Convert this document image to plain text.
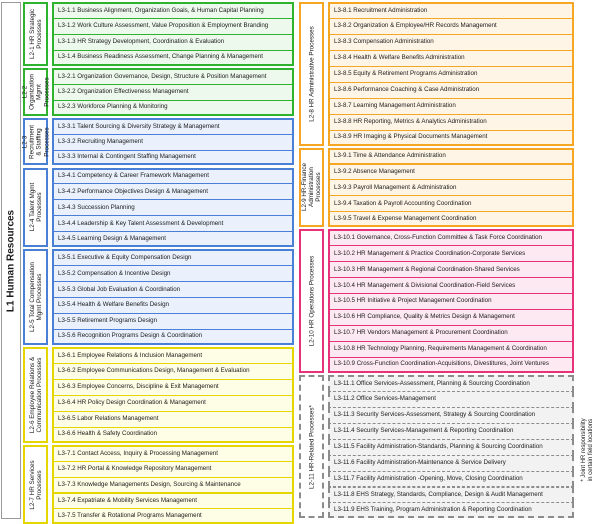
L1 Human Resources
* Joint HR responsibility
in certain field locations
L2-1 HR Strategic
Processes
L3-1.1 Business Alignment, Organization Goals, & Human Capital Planning
L3-1.2 Work Culture Assessment, Value Proposition & Employment Branding
L3-1.3 HR Strategy Development, Coordination & Evaluation
L3-1.4 Business Readiness Assessment, Change Planning & Management
L2-2
Organization
Mgmt
Processes
L3-2.1 Organization Governance, Design, Structure & Position Management
L3-2.2 Organization Effectiveness Management
L3-2.3 Workforce Planning & Monitoring
L2-3
Recruitment
& Staffing
Processes
L3-3.1 Talent Sourcing & Diversity Strategy & Management
L3-3.2 Recruiting Management
L3-3.3 Internal & Contingent Staffing Management
L2-4 Talent Mgmt
Processes
L3-4.1 Competency & Career Framework Management
L3-4.2 Performance Objectives Design & Management
L3-4.3 Succession Planning
L3-4.4 Leadership & Key Talent Assessment & Development
L3-4.5 Learning Design & Management
L2-5 Total Compensation
Mgmt Processes
L3-5.1 Executive & Equity Compensation Design
L3-5.2 Compensation & Incentive Design
L3-5.3 Global Job Evaluation & Coordination
L3-5.4 Health & Welfare Benefits Design
L3-5.5 Retirement Programs Design
L3-5.6 Recognition Programs Design & Coordination
L2-6 Employee Relations &
Communication Processes
L3-6.1 Employee Relations & Inclusion Management
L3-6.2 Employee Communications Design, Management & Evaluation
L3-6.3 Employee Concerns, Discipline & Exit Management
L3-6.4 HR Policy Design Coordination & Management
L3-6.5 Labor Relations Management
L3-6.6 Health & Safety Coordination
L2-7 HR Services
Processes
L3-7.1 Contact Access, Inquiry & Processing Management
L3-7.2 HR Portal & Knowledge Repository Management
L3-7.3 Knowledge Managements Design, Sourcing & Maintenance
L3-7.4 Expatriate & Mobility Services Management
L3-7.5 Transfer & Rotational Programs Management
L2-8 HR Administrative Processes
L3-8.1 Recruitment Administration
L3-8.2 Organization & Employee/HR Records Management
L3-8.3 Compensation Administration
L3-8.4 Health & Welfare Benefits Administration
L3-8.5 Equity & Retirement Programs Administration
L3-8.6 Performance Coaching & Case Administration
L3-8.7 Learning Management Administration
L3-8.8 HR Reporting, Metrics & Analytics Administration
L3-8.9 HR Imaging & Physical Documents Management
L2-9 HR-Finance
Administration
Processes
L3-9.1 Time & Attendance Administration
L3-9.2 Absence Management
L3-9.3 Payroll Management & Administration
L3-9.4 Taxation & Payroll Accounting Coordination
L3-9.5 Travel & Expense Management Coordination
L2-10 HR Operations Processes
L3-10.1 Governance, Cross-Function Committee & Task Force Coordination
L3-10.2 HR Management & Practice Coordination-Corporate Services
L3-10.3 HR Management & Regional Coordination-Shared Services
L3-10.4 HR Management & Divisional Coordination-Field Services
L3-10.5 HR Initiative & Project Management Coordination
L3-10.6 HR Compliance, Quality & Metrics Design & Management
L3-10.7 HR Vendors Management & Procurement Coordination
L3-10.8 HR Technology Planning, Requirements Management & Coordination
L3-10.9 Cross-Function Coordination-Acquisitions, Divestitures, Joint Ventures
L2-11 HR-Related Processes*
L3-11.1 Office Services-Assessment, Planning & Sourcing Coordination
L3-11.2 Office Services-Management
L3-11.3 Security Services-Assessment, Strategy & Sourcing Coordination
L3-11.4 Security Services-Management & Reporting Coordination
L3-11.5 Facility Administration-Standards, Planning & Sourcing Coordination
L3-11.6 Facility Administration-Maintenance & Service Delivery
L3-11.7 Facility Administration -Opening, Move, Closing Coordination
L3-11.8 EHS Strategy, Standards, Compliance, Design & Audit Management
L3-11.9 EHS Training, Program Administration & Reporting Coordination
